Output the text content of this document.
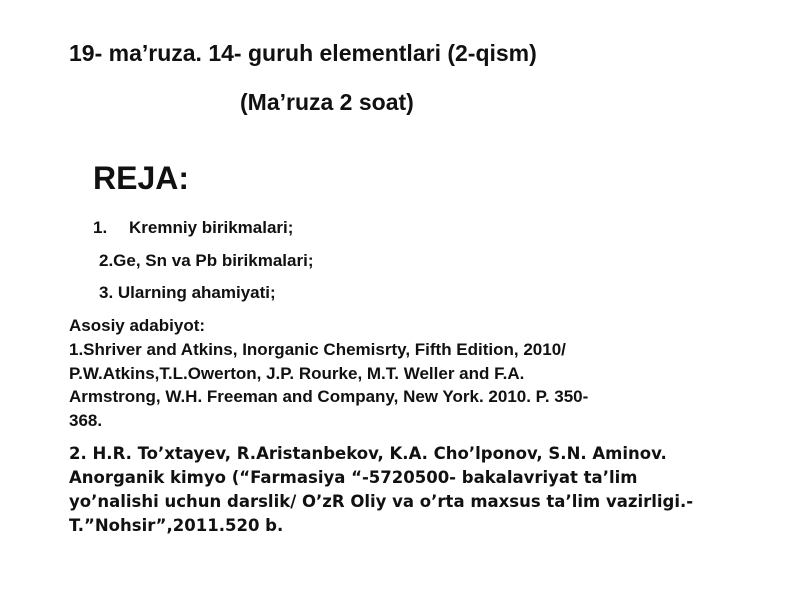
19- ma’ruza. 14- guruh elementlari (2-qism)
(Ma’ruza 2 soat)
REJA:
1. Kremniy birikmalari;
2.Ge, Sn va Pb birikmalari;
3. Ularning ahamiyati;
Asosiy adabiyot:
1.Shriver and Atkins, Inorganic Chemisrty, Fifth Edition, 2010/
P.W.Atkins,T.L.Owerton, J.P. Rourke, M.T. Weller and F.A.
Armstrong, W.H. Freeman and Company, New York. 2010. P. 350-
368.
2. H.R. To’xtayev, R.Aristanbekov, K.A. Cho’lponov, S.N. Aminov.
Anorganik kimyo (“Farmasiya “-5720500- bakalavriyat ta’lim
yo’nalishi uchun darslik/ O’zR Oliy va o’rta maxsus ta’lim vazirligi.-
T.”Nohsir”,2011.520 b.
